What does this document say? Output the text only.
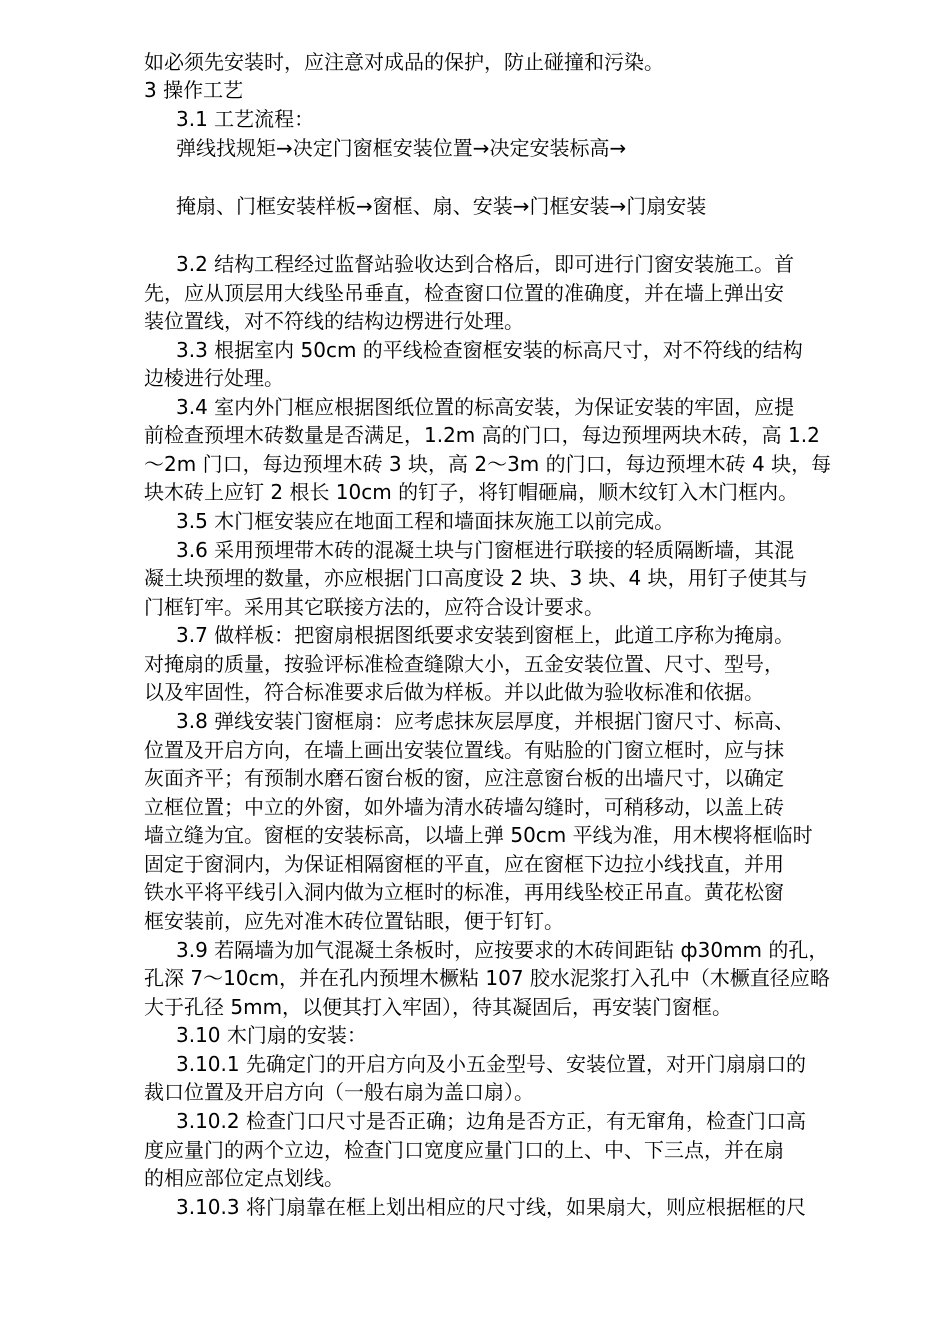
如必须先安装时，应注意对成品的保护，防止碰撞和污染。
3 操作工艺
3.1 工艺流程：
弹线找规矩→决定门窗框安装位置→决定安装标高→
掩扇、门框安装样板→窗框、扇、安装→门框安装→门扇安装
3.2 结构工程经过监督站验收达到合格后，即可进行门窗安装施工。首
先，应从顶层用大线坠吊垂直，检查窗口位置的准确度，并在墙上弹出安
装位置线，对不符线的结构边楞进行处理。
3.3 根据室内 50cm 的平线检查窗框安装的标高尺寸，对不符线的结构
边棱进行处理。
3.4 室内外门框应根据图纸位置的标高安装，为保证安装的牢固，应提
前检查预埋木砖数量是否满足，1.2m 高的门口，每边预埋两块木砖，高 1.2
～2m 门口，每边预埋木砖 3 块，高 2～3m 的门口，每边预埋木砖 4 块，每
块木砖上应钉 2 根长 10cm 的钉子，将钉帽砸扁，顺木纹钉入木门框内。
3.5 木门框安装应在地面工程和墙面抹灰施工以前完成。
3.6 采用预埋带木砖的混凝土块与门窗框进行联接的轻质隔断墙，其混
凝土块预埋的数量，亦应根据门口高度设 2 块、3 块、4 块，用钉子使其与
门框钉牢。采用其它联接方法的，应符合设计要求。
3.7 做样板：把窗扇根据图纸要求安装到窗框上，此道工序称为掩扇。
对掩扇的质量，按验评标准检查缝隙大小，五金安装位置、尺寸、型号，
以及牢固性，符合标准要求后做为样板。并以此做为验收标准和依据。
3.8 弹线安装门窗框扇：应考虑抹灰层厚度，并根据门窗尺寸、标高、
位置及开启方向，在墙上画出安装位置线。有贴脸的门窗立框时，应与抹
灰面齐平；有预制水磨石窗台板的窗，应注意窗台板的出墙尺寸，以确定
立框位置；中立的外窗，如外墙为清水砖墙勾缝时，可稍移动，以盖上砖
墙立缝为宜。窗框的安装标高，以墙上弹 50cm 平线为准，用木楔将框临时
固定于窗洞内，为保证相隔窗框的平直，应在窗框下边拉小线找直，并用
铁水平将平线引入洞内做为立框时的标准，再用线坠校正吊直。黄花松窗
框安装前，应先对准木砖位置钻眼，便于钉钉。
3.9 若隔墙为加气混凝土条板时，应按要求的木砖间距钻 ф30mm 的孔，
孔深 7～10cm，并在孔内预埋木橛粘 107 胶水泥浆打入孔中（木橛直径应略
大于孔径 5mm，以便其打入牢固），待其凝固后，再安装门窗框。
3.10 木门扇的安装：
3.10.1 先确定门的开启方向及小五金型号、安装位置，对开门扇扇口的
裁口位置及开启方向（一般右扇为盖口扇）。
3.10.2 检查门口尺寸是否正确；边角是否方正，有无窜角，检查门口高
度应量门的两个立边，检查门口宽度应量门口的上、中、下三点，并在扇
的相应部位定点划线。
3.10.3 将门扇靠在框上划出相应的尺寸线，如果扇大，则应根据框的尺
